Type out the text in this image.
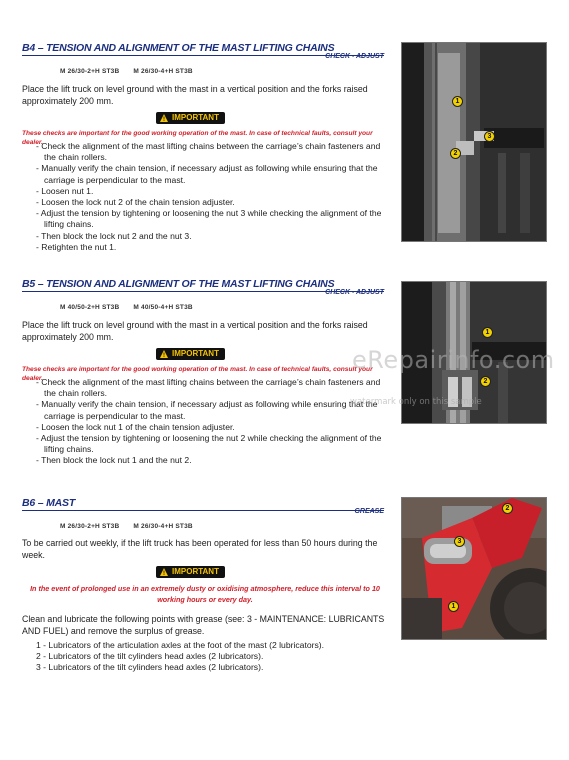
B4 – TENSION AND ALIGNMENT OF THE MAST LIFTING CHAINS
CHECK - ADJUST
M 26/30-2+H ST3B M 26/30-4+H ST3B
Place the lift truck on level ground with the mast in a vertical position and the forks raised approximately 200 mm.
! IMPORTANT
These checks are important for the good working operation of the mast. In case of technical faults, consult your dealer.
- Check the alignment of the mast lifting chains between the carriage’s chain fasteners and the chain rollers.
- Manually verify the chain tension, if necessary adjust as following while ensuring that the carriage is perpendicular to the mast.
- Loosen nut 1.
- Loosen the lock nut 2 of the chain tension adjuster.
- Adjust the tension by tightening or loosening the nut 3 while checking the alignment of the lifting chains.
- Then block the lock nut 2 and the nut 3.
- Retighten the nut 1.
1
2
3
B5 – TENSION AND ALIGNMENT OF THE MAST LIFTING CHAINS
CHECK - ADJUST
M 40/50-2+H ST3B M 40/50-4+H ST3B
Place the lift truck on level ground with the mast in a vertical position and the forks raised approximately 200 mm.
! IMPORTANT
These checks are important for the good working operation of the mast. In case of technical faults, consult your dealer.
- Check the alignment of the mast lifting chains between the carriage’s chain fasteners and the chain rollers.
- Manually verify the chain tension, if necessary adjust as following while ensuring that the carriage is perpendicular to the mast.
- Loosen the lock nut 1 of the chain tension adjuster.
- Adjust the tension by tightening or loosening the nut 2 while checking the alignment of the lifting chains.
- Then block the lock nut 1 and the nut 2.
1
2
B6 – MAST
GREASE
M 26/30-2+H ST3B M 26/30-4+H ST3B
To be carried out weekly, if the lift truck has been operated for less than 50 hours during the week.
! IMPORTANT
In the event of prolonged use in an extremely dusty or oxidising atmosphere, reduce this interval to 10 working hours or every day.
Clean and lubricate the following points with grease (see: 3 - MAINTENANCE: LUBRICANTS AND FUEL) and remove the surplus of grease.
1 - Lubricators of the articulation axles at the foot of the mast (2 lubricators).
2 - Lubricators of the tilt cylinders head axles (2 lubricators).
3 - Lubricators of the tilt cylinders head axles (2 lubricators).
2
3
1
eRepairinfo.com
watermark only on this sample
